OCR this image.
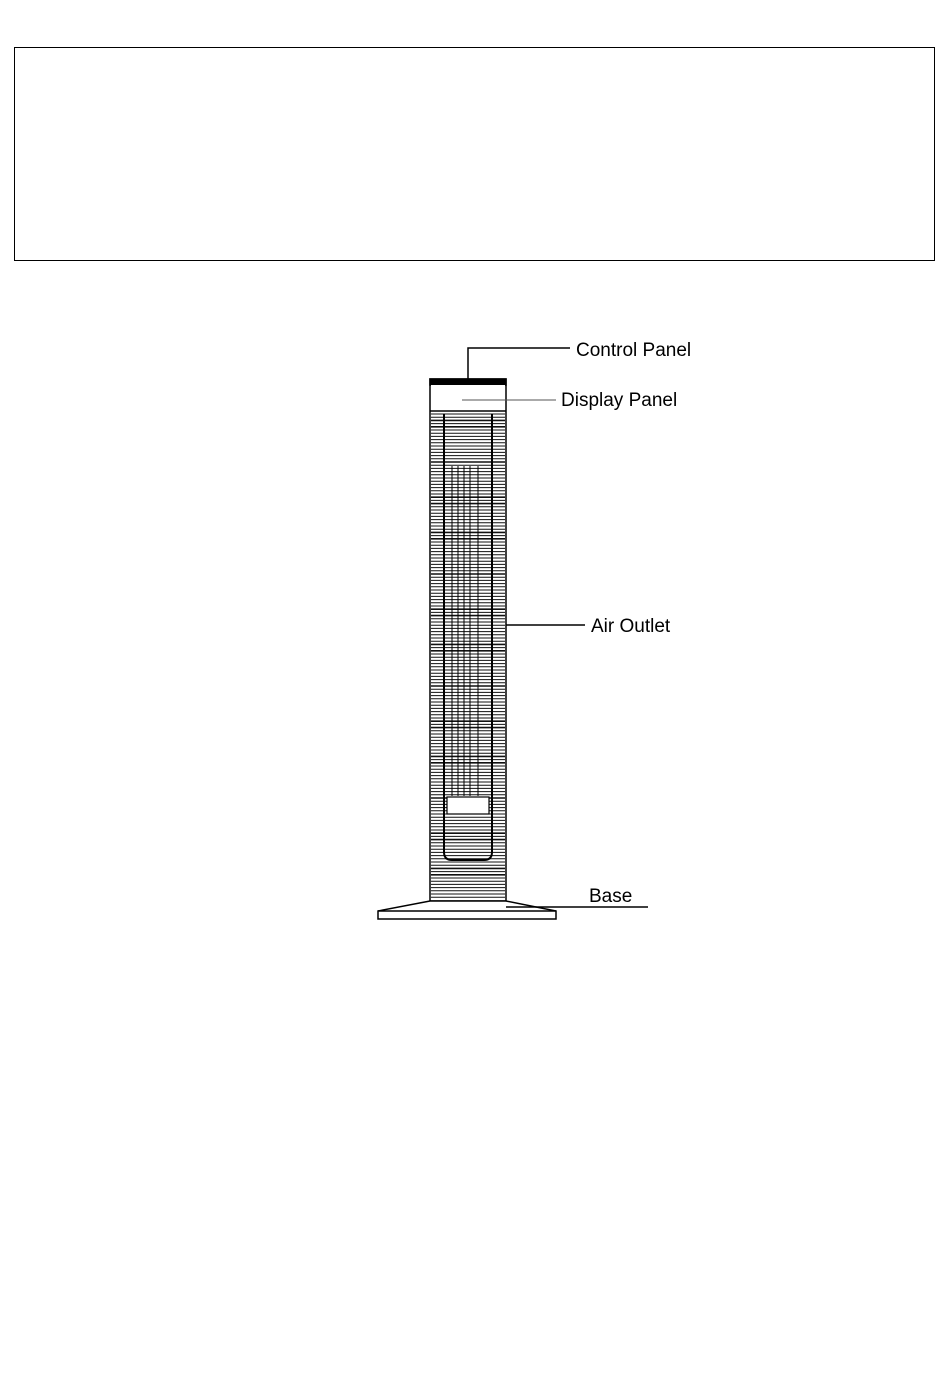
Control Panel
Display Panel
Air Outlet
Base
